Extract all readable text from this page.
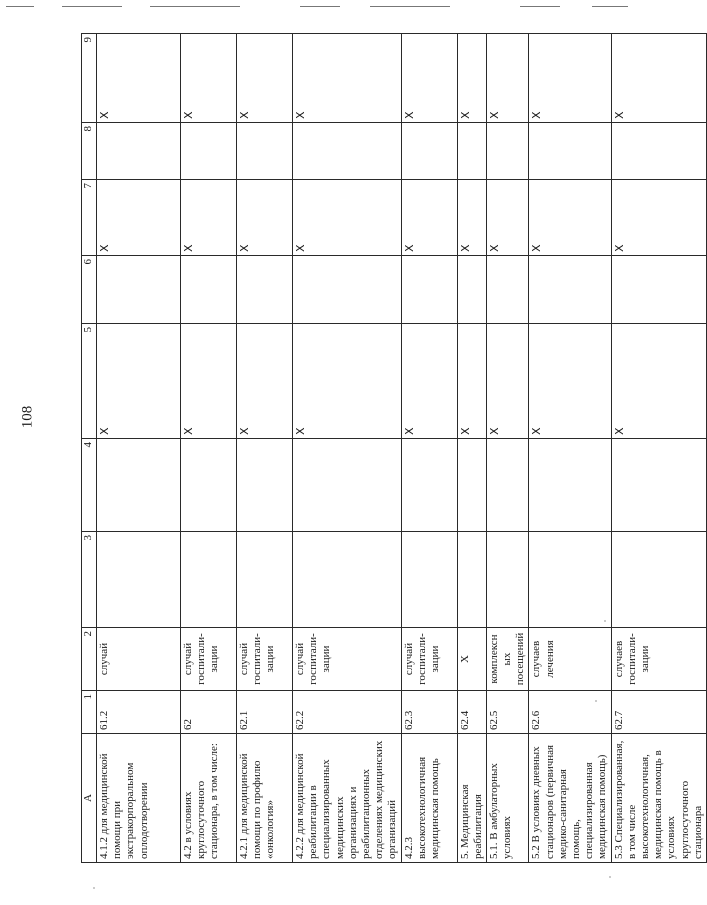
108
A	1	2	3	4	5	6	7	8	9
4.1.2 для медицинской помощи при экстракорпоральном оплодотворении	61.2	случай			X		X		X
4.2 в условиях круглосуточного стационара, в том числе:	62	случай госпитали-зации			X		X		X
4.2.1 для медицинской помощи по профилю «онкология»	62.1	случай госпитали-зации			X		X		X
4.2.2 для медицинской реабилитации в специализированных медицинских организациях и реабилитационных отделениях медицинских организаций	62.2	случай госпитали-зации			X		X		X
4.2.3 высокотехнологичная медицинская помощь	62.3	случай госпитали-зации			X		X		X
5. Медицинская реабилитация	62.4	X			X		X		X
5.1. В амбулаторных условиях	62.5	комплексных посещений			X		X		X
5.2 В условиях дневных стационаров (первичная медико-санитарная помощь, специализированная медицинская помощь)	62.6	случаев лечения			X		X		X
5.3 Специализированная, в том числе высокотехнологичная, медицинская помощь в условиях круглосуточного стационара	62.7	случаев госпитали-зации			X		X		X
